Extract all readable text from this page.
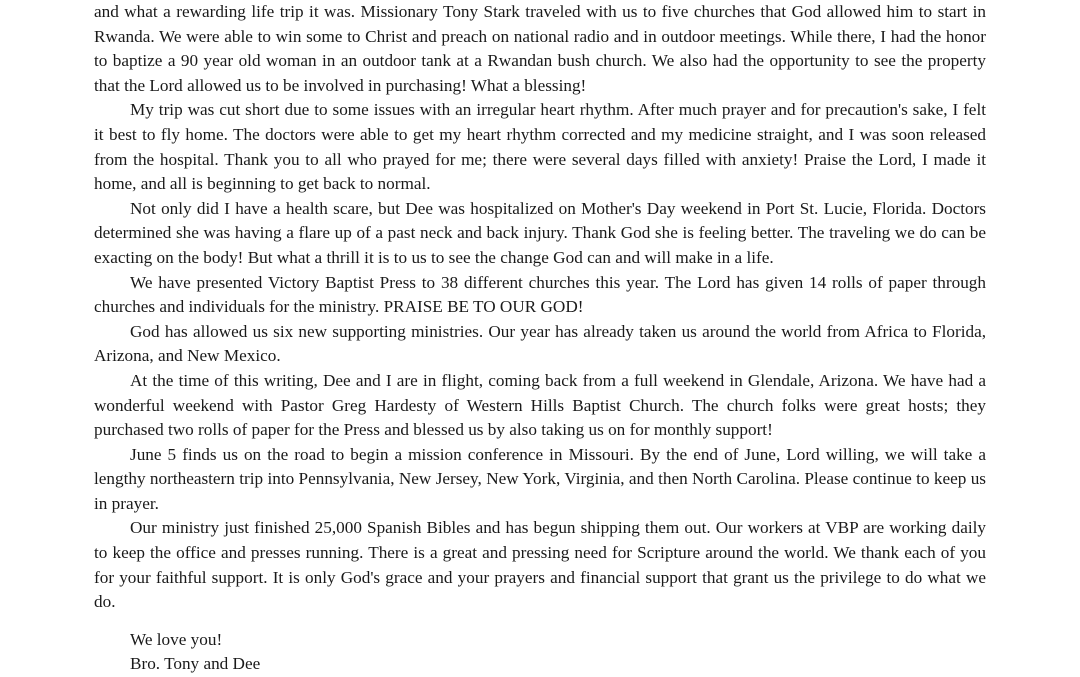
and what a rewarding life trip it was. Missionary Tony Stark traveled with us to five churches that God allowed him to start in Rwanda. We were able to win some to Christ and preach on national radio and in outdoor meetings. While there, I had the honor to baptize a 90 year old woman in an outdoor tank at a Rwandan bush church. We also had the opportunity to see the property that the Lord allowed us to be involved in purchasing! What a blessing!

My trip was cut short due to some issues with an irregular heart rhythm. After much prayer and for precaution's sake, I felt it best to fly home. The doctors were able to get my heart rhythm corrected and my medicine straight, and I was soon released from the hospital. Thank you to all who prayed for me; there were several days filled with anxiety! Praise the Lord, I made it home, and all is beginning to get back to normal.

Not only did I have a health scare, but Dee was hospitalized on Mother's Day weekend in Port St. Lucie, Florida. Doctors determined she was having a flare up of a past neck and back injury. Thank God she is feeling better. The traveling we do can be exacting on the body! But what a thrill it is to us to see the change God can and will make in a life.

We have presented Victory Baptist Press to 38 different churches this year. The Lord has given 14 rolls of paper through churches and individuals for the ministry. PRAISE BE TO OUR GOD!

God has allowed us six new supporting ministries. Our year has already taken us around the world from Africa to Florida, Arizona, and New Mexico.

At the time of this writing, Dee and I are in flight, coming back from a full weekend in Glendale, Arizona. We have had a wonderful weekend with Pastor Greg Hardesty of Western Hills Baptist Church. The church folks were great hosts; they purchased two rolls of paper for the Press and blessed us by also taking us on for monthly support!

June 5 finds us on the road to begin a mission conference in Missouri. By the end of June, Lord willing, we will take a lengthy northeastern trip into Pennsylvania, New Jersey, New York, Virginia, and then North Carolina. Please continue to keep us in prayer.

Our ministry just finished 25,000 Spanish Bibles and has begun shipping them out. Our workers at VBP are working daily to keep the office and presses running. There is a great and pressing need for Scripture around the world. We thank each of you for your faithful support. It is only God's grace and your prayers and financial support that grant us the privilege to do what we do.

We love you!
Bro. Tony and Dee
